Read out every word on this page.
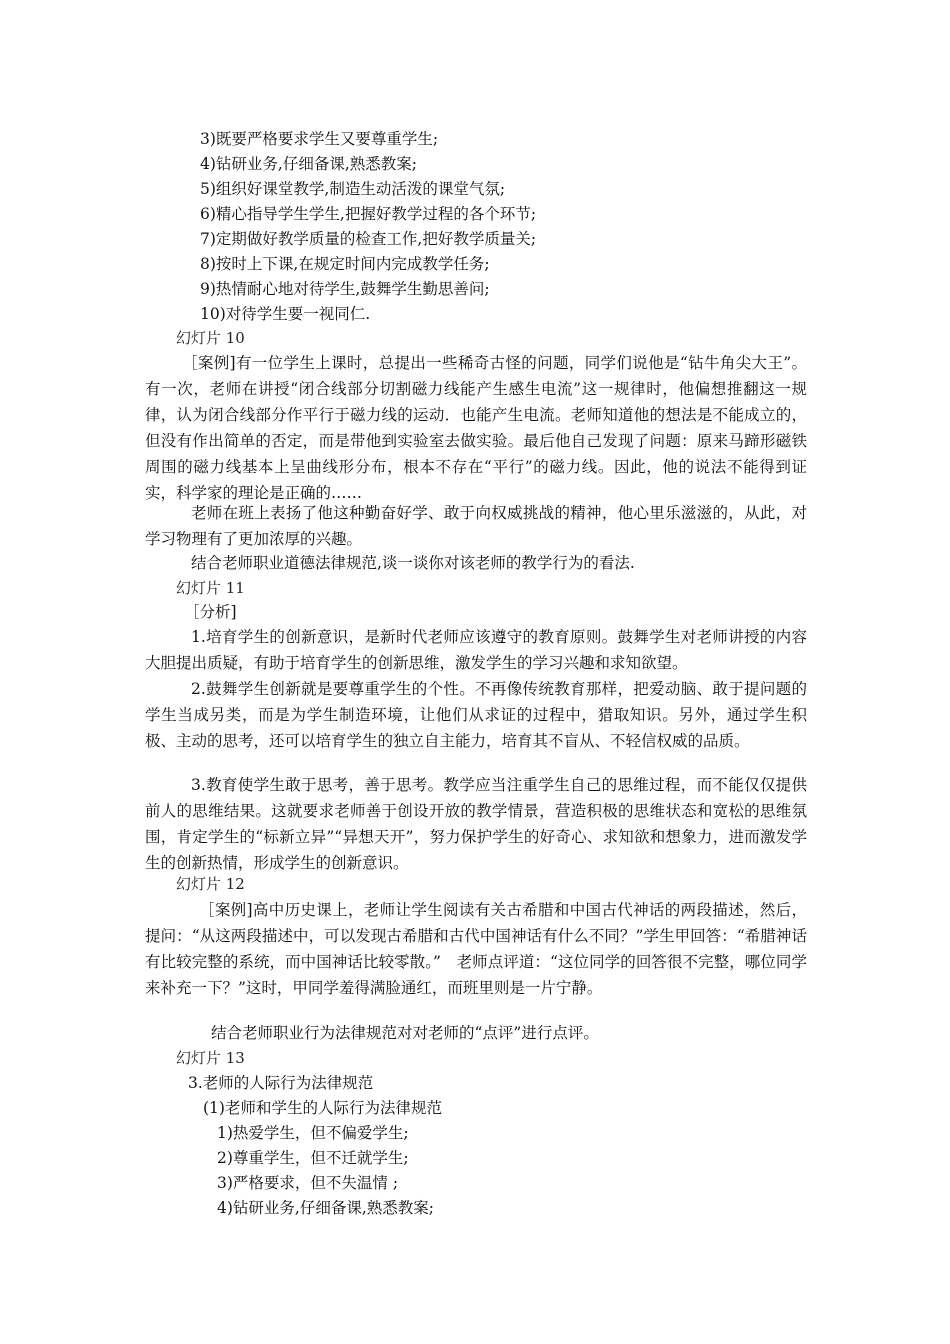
3)既要严格要求学生又要尊重学生;
4)钻研业务,仔细备课,熟悉教案;
5)组织好课堂教学,制造生动活泼的课堂气氛;
6)精心指导学生学生,把握好教学过程的各个环节;
7)定期做好教学质量的检查工作,把好教学质量关;
8)按时上下课,在规定时间内完成教学任务;
9)热情耐心地对待学生,鼓舞学生勤思善问;
10)对待学生要一视同仁.
幻灯片 10
［案例]有一位学生上课时，总提出一些稀奇古怪的问题，同学们说他是“钻牛角尖大王”。有一次，老师在讲授“闭合线部分切割磁力线能产生感生电流”这一规律时，他偏想推翻这一规律，认为闭合线部分作平行于磁力线的运动．也能产生电流。老师知道他的想法是不能成立的，但没有作出简单的否定，而是带他到实验室去做实验。最后他自己发现了问题：原来马蹄形磁铁周围的磁力线基本上呈曲线形分布，根本不存在“平行”的磁力线。因此，他的说法不能得到证实，科学家的理论是正确的……
老师在班上表扬了他这种勤奋好学、敢于向权威挑战的精神，他心里乐滋滋的，从此，对学习物理有了更加浓厚的兴趣。
结合老师职业道德法律规范,谈一谈你对该老师的教学行为的看法.
幻灯片 11
［分析]
1.培育学生的创新意识，是新时代老师应该遵守的教育原则。鼓舞学生对老师讲授的内容大胆提出质疑，有助于培育学生的创新思维，激发学生的学习兴趣和求知欲望。
2.鼓舞学生创新就是要尊重学生的个性。不再像传统教育那样，把爱动脑、敢于提问题的学生当成另类，而是为学生制造环境，让他们从求证的过程中，猎取知识。另外，通过学生积极、主动的思考，还可以培育学生的独立自主能力，培育其不盲从、不轻信权威的品质。
3.教育使学生敢于思考，善于思考。教学应当注重学生自己的思维过程，而不能仅仅提供前人的思维结果。这就要求老师善于创设开放的教学情景，营造积极的思维状态和宽松的思维氛围，肯定学生的“标新立异”“异想天开”，努力保护学生的好奇心、求知欲和想象力，进而激发学生的创新热情，形成学生的创新意识。
幻灯片 12
［案例]高中历史课上，老师让学生阅读有关古希腊和中国古代神话的两段描述，然后，提问：“从这两段描述中，可以发现古希腊和古代中国神话有什么不同？”学生甲回答：“希腊神话有比较完整的系统，而中国神话比较零散。”　老师点评道：“这位同学的回答很不完整，哪位同学来补充一下？”这时，甲同学羞得满脸通红，而班里则是一片宁静。
结合老师职业行为法律规范对对老师的“点评”进行点评。
幻灯片 13
3.老师的人际行为法律规范
(1)老师和学生的人际行为法律规范
1)热爱学生，但不偏爱学生;
2)尊重学生，但不迁就学生;
3)严格要求，但不失温情 ;
4)钻研业务,仔细备课,熟悉教案;
